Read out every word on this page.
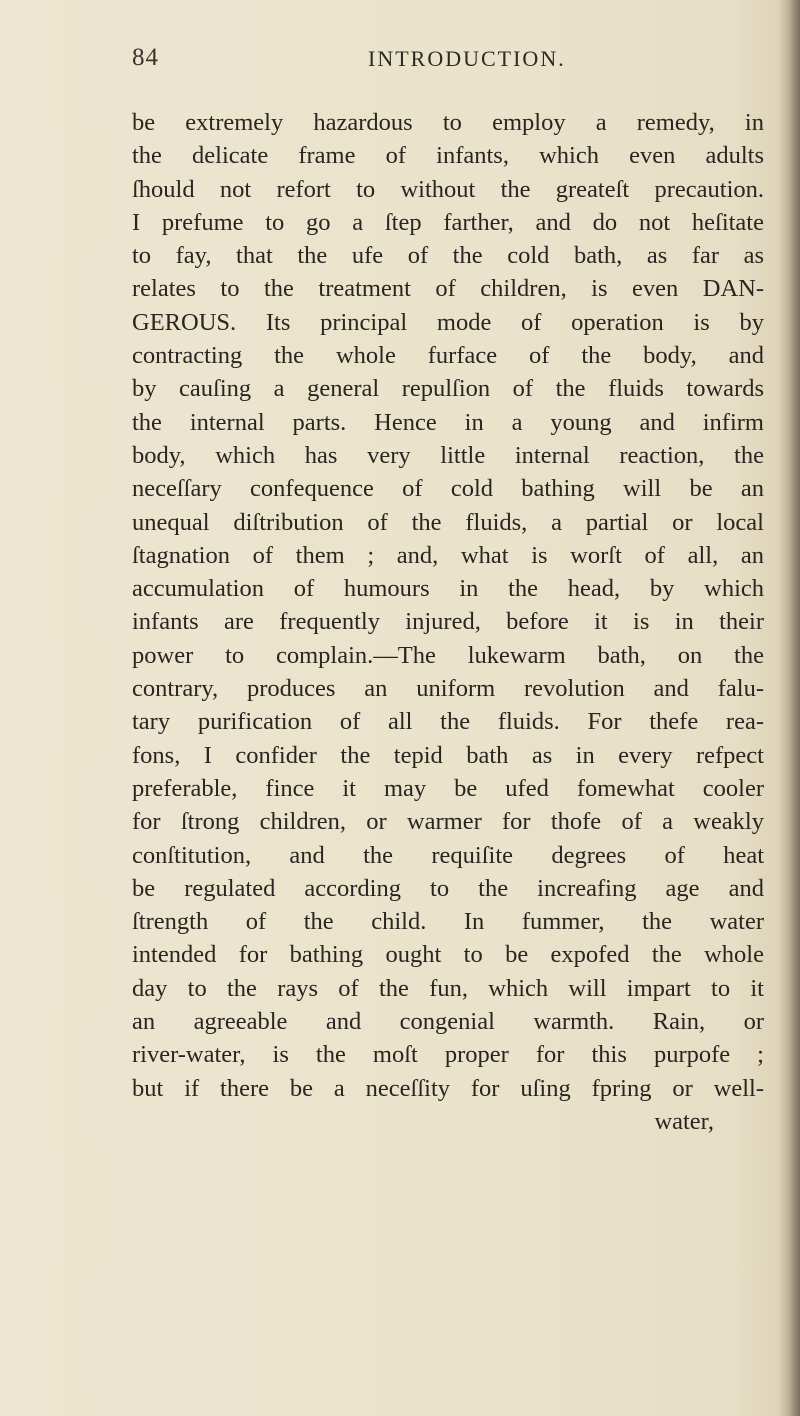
84	INTRODUCTION.
be extremely hazardous to employ a remedy, in
the delicate frame of infants, which even adults
ſhould not refort to without the greateſt precaution.
I prefume to go a ſtep farther, and do not heſitate
to fay, that the ufe of the cold bath, as far as
relates to the treatment of children, is even DAN-
GEROUS. Its principal mode of operation is by
contracting the whole furface of the body, and
by cauſing a general repulſion of the fluids towards
the internal parts. Hence in a young and infirm
body, which has very little internal reaction, the
neceſſary confequence of cold bathing will be an
unequal diſtribution of the fluids, a partial or local
ſtagnation of them ; and, what is worſt of all, an
accumulation of humours in the head, by which
infants are frequently injured, before it is in their
power to complain.—The lukewarm bath, on the
contrary, produces an uniform revolution and falu-
tary purification of all the fluids. For thefe rea-
fons, I confider the tepid bath as in every refpect
preferable, fince it may be ufed fomewhat cooler
for ſtrong children, or warmer for thofe of a weakly
conſtitution, and the requiſite degrees of heat
be regulated according to the increafing age and
ſtrength of the child. In fummer, the water
intended for bathing ought to be expofed the whole
day to the rays of the fun, which will impart to it
an agreeable and congenial warmth. Rain, or
river-water, is the moſt proper for this purpofe ;
but if there be a neceſſity for uſing fpring or well-
water,
